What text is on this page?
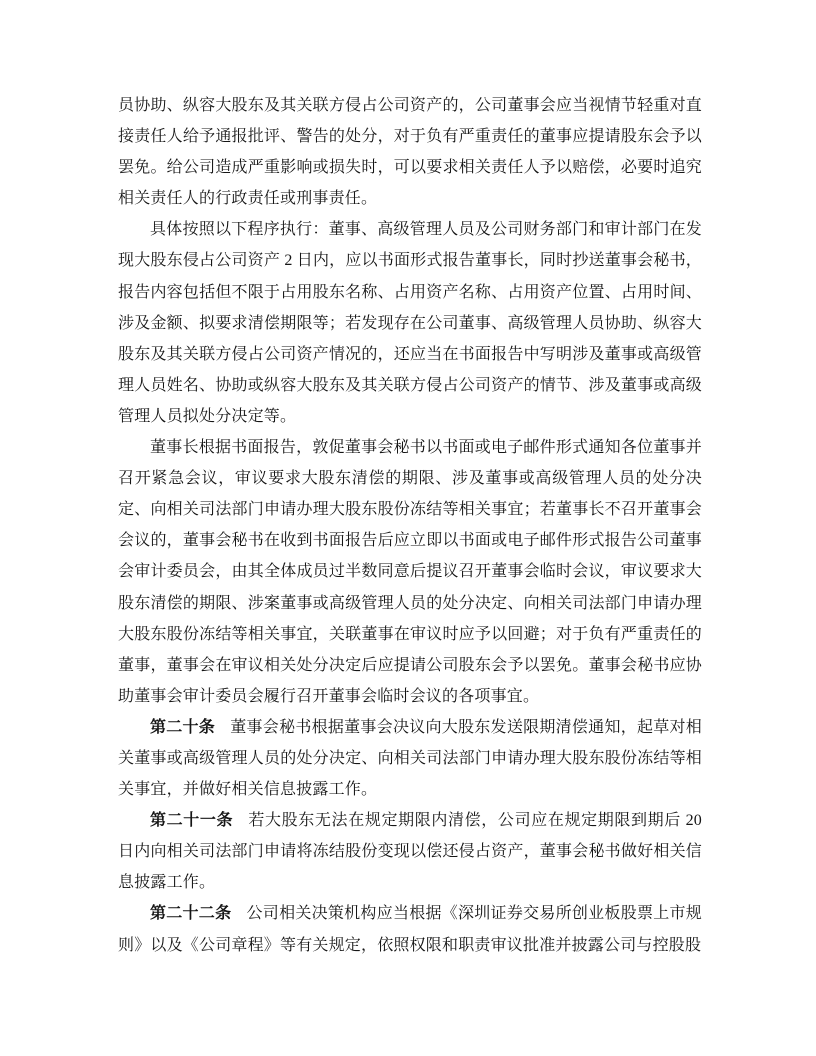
员协助、纵容大股东及其关联方侵占公司资产的，公司董事会应当视情节轻重对直接责任人给予通报批评、警告的处分，对于负有严重责任的董事应提请股东会予以罢免。给公司造成严重影响或损失时，可以要求相关责任人予以赔偿，必要时追究相关责任人的行政责任或刑事责任。

具体按照以下程序执行：董事、高级管理人员及公司财务部门和审计部门在发现大股东侵占公司资产 2 日内，应以书面形式报告董事长，同时抄送董事会秘书，报告内容包括但不限于占用股东名称、占用资产名称、占用资产位置、占用时间、涉及金额、拟要求清偿期限等；若发现存在公司董事、高级管理人员协助、纵容大股东及其关联方侵占公司资产情况的，还应当在书面报告中写明涉及董事或高级管理人员姓名、协助或纵容大股东及其关联方侵占公司资产的情节、涉及董事或高级管理人员拟处分决定等。

董事长根据书面报告，敦促董事会秘书以书面或电子邮件形式通知各位董事并召开紧急会议，审议要求大股东清偿的期限、涉及董事或高级管理人员的处分决定、向相关司法部门申请办理大股东股份冻结等相关事宜；若董事长不召开董事会会议的，董事会秘书在收到书面报告后应立即以书面或电子邮件形式报告公司董事会审计委员会，由其全体成员过半数同意后提议召开董事会临时会议，审议要求大股东清偿的期限、涉案董事或高级管理人员的处分决定、向相关司法部门申请办理大股东股份冻结等相关事宜，关联董事在审议时应予以回避；对于负有严重责任的董事，董事会在审议相关处分决定后应提请公司股东会予以罢免。董事会秘书应协助董事会审计委员会履行召开董事会临时会议的各项事宜。

第二十条 董事会秘书根据董事会决议向大股东发送限期清偿通知，起草对相关董事或高级管理人员的处分决定、向相关司法部门申请办理大股东股份冻结等相关事宜，并做好相关信息披露工作。

第二十一条 若大股东无法在规定期限内清偿，公司应在规定期限到期后 20 日内向相关司法部门申请将冻结股份变现以偿还侵占资产，董事会秘书做好相关信息披露工作。

第二十二条 公司相关决策机构应当根据《深圳证券交易所创业板股票上市规则》以及《公司章程》等有关规定，依照权限和职责审议批准并披露公司与控股股
